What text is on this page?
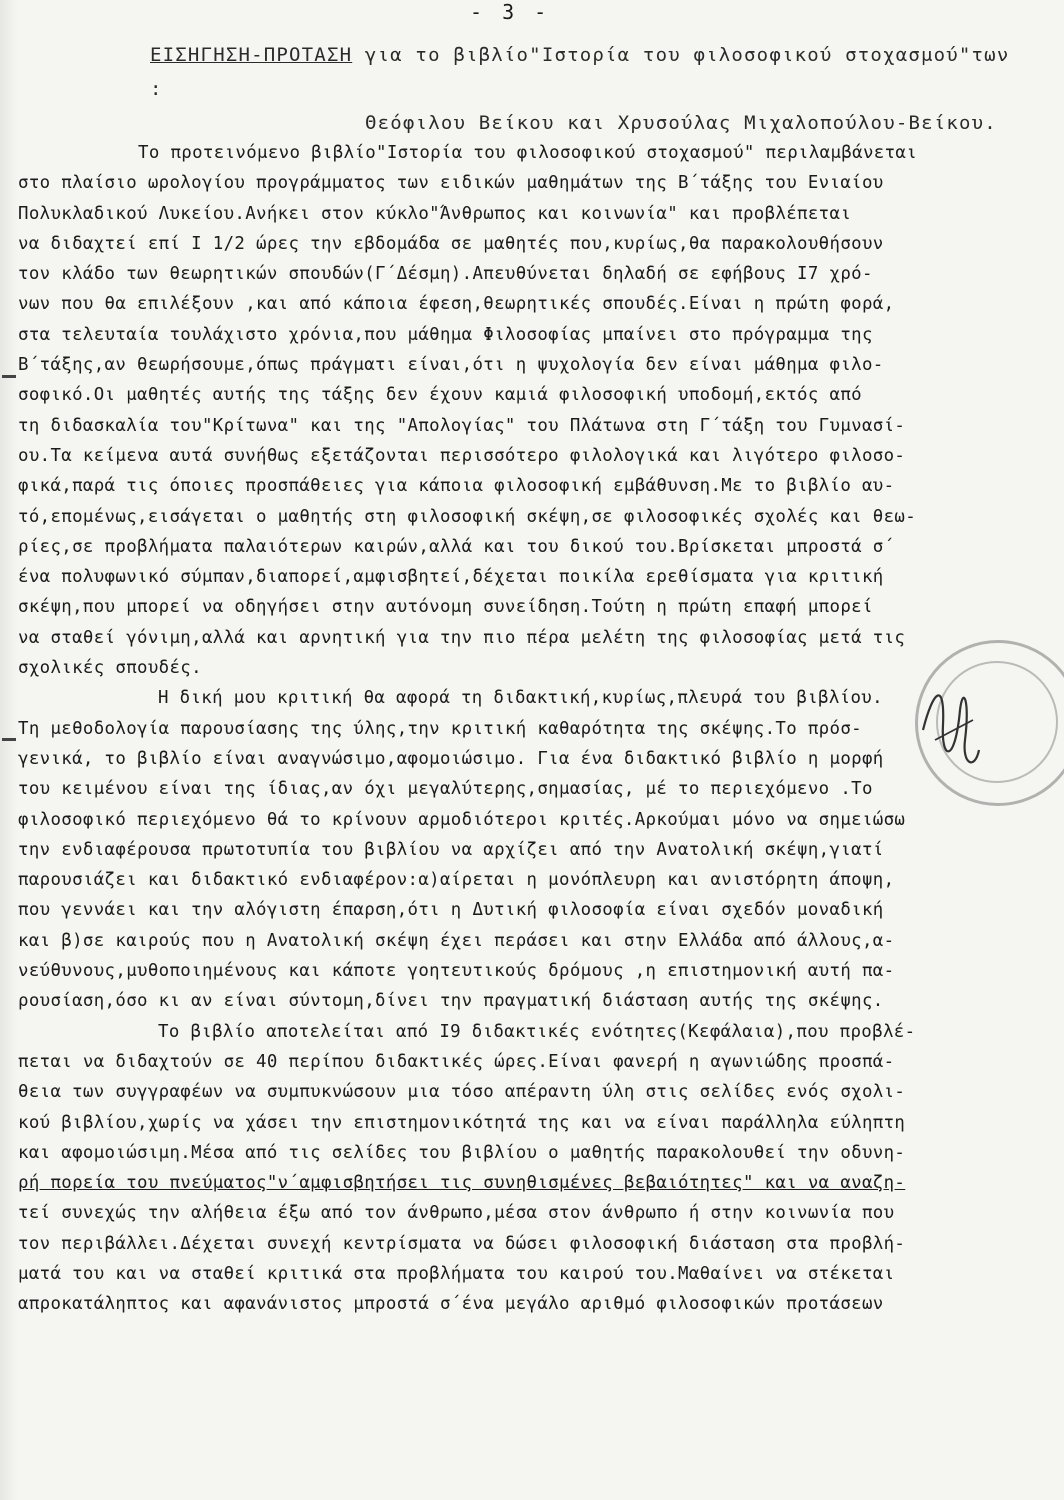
- 3 -
ΕΙΣΗΓΗΣΗ-ΠΡΟΤΑΣΗ για το βιβλίο"Ιστορία του φιλοσοφικού στοχασμού"των :
Θεόφιλου Βείκου και Χρυσούλας Μιχαλοπούλου-Βείκου.
Το προτεινόμενο βιβλίο"Ιστορία του φιλοσοφικού στοχασμού" περιλαμβάνεται
στο πλαίσιο ωρολογίου προγράμματος των ειδικών μαθημάτων της Β΄τάξης του Ενιαίου
Πολυκλαδικού Λυκείου.Ανήκει στον κύκλο"Άνθρωπος και κοινωνία" και προβλέπεται
να διδαχτεί επί Ι 1/2 ώρες την εβδομάδα σε μαθητές που,κυρίως,θα παρακολουθήσουν
τον κλάδο των θεωρητικών σπουδών(Γ΄Δέσμη).Απευθύνεται δηλαδή σε εφήβους Ι7 χρό-
νων που θα επιλέξουν ,και από κάποια έφεση,θεωρητικές σπουδές.Είναι η πρώτη φορά,
στα τελευταία τουλάχιστο χρόνια,που μάθημα Φιλοσοφίας μπαίνει στο πρόγραμμα της
Β΄τάξης,αν θεωρήσουμε,όπως πράγματι είναι,ότι η ψυχολογία δεν είναι μάθημα φιλο-
σοφικό.Οι μαθητές αυτής της τάξης δεν έχουν καμιά φιλοσοφική υποδομή,εκτός από
τη διδασκαλία του"Κρίτωνα" και της "Απολογίας" του Πλάτωνα στη Γ΄τάξη του Γυμνασί-
ου.Τα κείμενα αυτά συνήθως εξετάζονται περισσότερο φιλολογικά και λιγότερο φιλοσο-
φικά,παρά τις όποιες προσπάθειες για κάποια φιλοσοφική εμβάθυνση.Με το βιβλίο αυ-
τό,επομένως,εισάγεται ο μαθητής στη φιλοσοφική σκέψη,σε φιλοσοφικές σχολές και θεω-
ρίες,σε προβλήματα παλαιότερων καιρών,αλλά και του δικού του.Βρίσκεται μπροστά σ΄
ένα πολυφωνικό σύμπαν,διαπορεί,αμφισβητεί,δέχεται ποικίλα ερεθίσματα για κριτική
σκέψη,που μπορεί να οδηγήσει στην αυτόνομη συνείδηση.Τούτη η πρώτη επαφή μπορεί
να σταθεί γόνιμη,αλλά και αρνητική για την πιο πέρα μελέτη της φιλοσοφίας μετά τις
σχολικές σπουδές.
Η δική μου κριτική θα αφορά τη διδακτική,κυρίως,πλευρά του βιβλίου.
Τη μεθοδολογία παρουσίασης της ύλης,την κριτική καθαρότητα της σκέψης.Το πρόσ-
γενικά, το βιβλίο είναι αναγνώσιμο,αφομοιώσιμο. Για ένα διδακτικό βιβλίο η μορφή
του κειμένου είναι της ίδιας,αν όχι μεγαλύτερης,σημασίας, μέ το περιεχόμενο .Το
φιλοσοφικό περιεχόμενο θά το κρίνουν αρμοδιότεροι κριτές.Αρκούμαι μόνο να σημειώσω
την ενδιαφέρουσα πρωτοτυπία του βιβλίου να αρχίζει από την Ανατολική σκέψη,γιατί
παρουσιάζει και διδακτικό ενδιαφέρον:α)αίρεται η μονόπλευρη και ανιστόρητη άποψη,
που γεννάει και την αλόγιστη έπαρση,ότι η Δυτική φιλοσοφία είναι σχεδόν μοναδική
και β)σε καιρούς που η Ανατολική σκέψη έχει περάσει και στην Ελλάδα από άλλους,α-
νεύθυνους,μυθοποιημένους και κάποτε γοητευτικούς δρόμους ,η επιστημονική αυτή πα-
ρουσίαση,όσο κι αν είναι σύντομη,δίνει την πραγματική διάσταση αυτής της σκέψης.
Το βιβλίο αποτελείται από Ι9 διδακτικές ενότητες(Κεφάλαια),που προβλέ-
πεται να διδαχτούν σε 40 περίπου διδακτικές ώρες.Είναι φανερή η αγωνιώδης προσπά-
θεια των συγγραφέων να συμπυκνώσουν μια τόσο απέραντη ύλη στις σελίδες ενός σχολι-
κού βιβλίου,χωρίς να χάσει την επιστημονικότητά της και να είναι παράλληλα εύληπτη
και αφομοιώσιμη.Μέσα από τις σελίδες του βιβλίου ο μαθητής παρακολουθεί την οδυνη-
ρή πορεία του πνεύματος"ν΄αμφισβητήσει τις συνηθισμένες βεβαιότητες" και να αναζη-
τεί συνεχώς την αλήθεια έξω από τον άνθρωπο,μέσα στον άνθρωπο ή στην κοινωνία που
τον περιβάλλει.Δέχεται συνεχή κεντρίσματα να δώσει φιλοσοφική διάσταση στα προβλή-
ματά του και να σταθεί κριτικά στα προβλήματα του καιρού του.Μαθαίνει να στέκεται
απροκατάληπτος και αφανάνιστος μπροστά σ΄ένα μεγάλο αριθμό φιλοσοφικών προτάσεων
